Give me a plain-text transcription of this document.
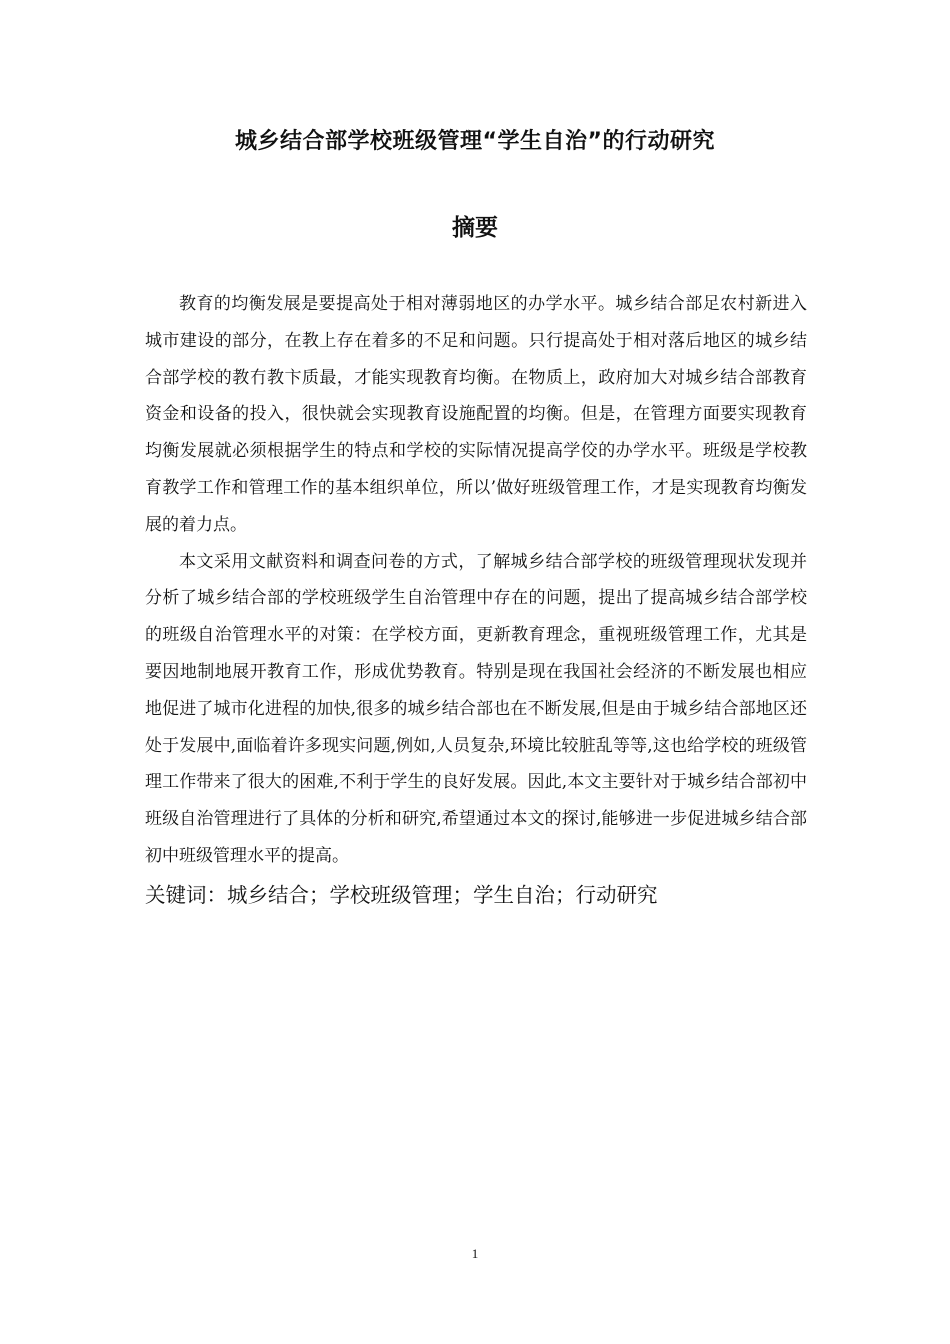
城乡结合部学校班级管理“学生自治”的行动研究
摘要

教育的均衡发展是要提高处于相对薄弱地区的办学水平。城乡结合部足农村新进入城市建设的部分，在教上存在着多的不足和问题。只行提高处于相对落后地区的城乡结合部学校的教冇教卞质最，才能实现教育均衡。在物质上，政府加大对城乡结合部教育资金和设备的投入，很快就会实现教育设施配置的均衡。但是，在管理方面要实现教育均衡发展就必须根据学生的特点和学校的实际情况提高学佼的办学水平。班级是学校教育教学工作和管理工作的基本组织单位，所以’做好班级管理工作，才是实现教育均衡发展的着力点。

本文采用文献资料和调查问卷的方式，了解城乡结合部学校的班级管理现状发现并分析了城乡结合部的学校班级学生自治管理中存在的问题，提出了提高城乡结合部学校的班级自治管理水平的对策：在学校方面，更新教育理念，重视班级管理工作，尤其是要因地制地展开教育工作，形成优势教育。特别是现在我国社会经济的不断发展也相应地促进了城市化进程的加快,很多的城乡结合部也在不断发展,但是由于城乡结合部地区还处于发展中,面临着许多现实问题,例如,人员复杂,环境比较脏乱等等,这也给学校的班级管理工作带来了很大的困难,不利于学生的良好发展。因此,本文主要针对于城乡结合部初中班级自治管理进行了具体的分析和研究,希望通过本文的探讨,能够进一步促进城乡结合部初中班级管理水平的提高。

关键词：城乡结合；学校班级管理；学生自治；行动研究

1
